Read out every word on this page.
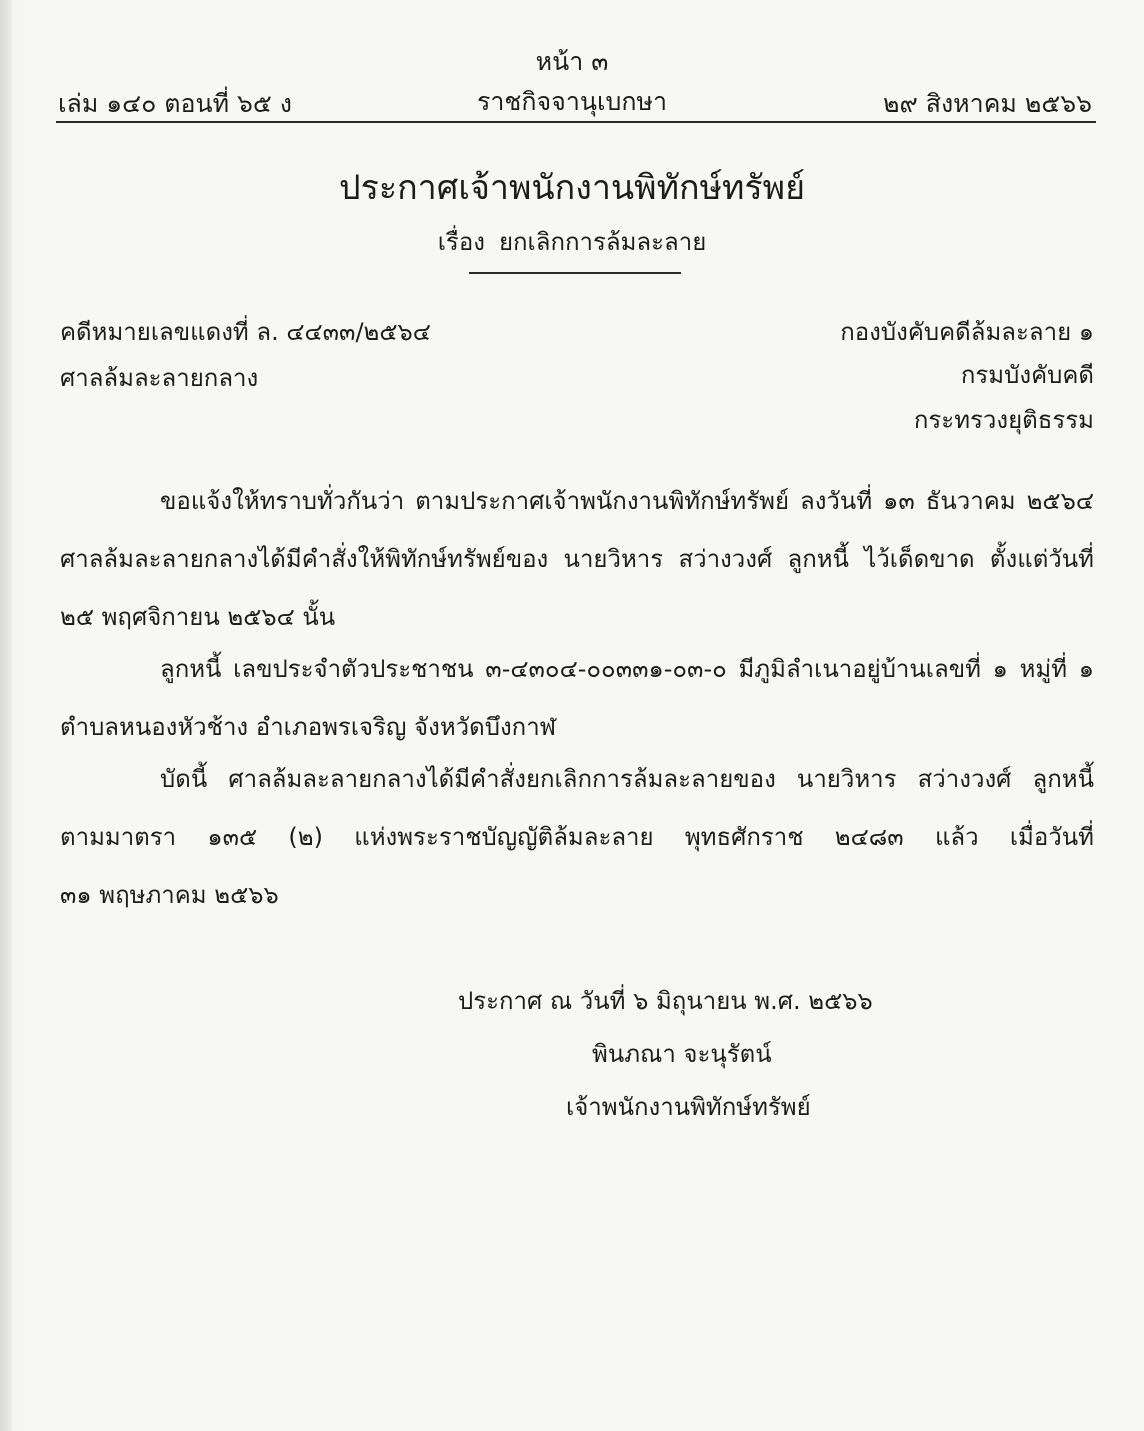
หน้า ๓
เล่ม ๑๔๐ ตอนที่ ๖๕ ง	ราชกิจจานุเบกษา	๒๙ สิงหาคม ๒๕๖๖
ประกาศเจ้าพนักงานพิทักษ์ทรัพย์
เรื่อง ยกเลิกการล้มละลาย
คดีหมายเลขแดงที่ ล. ๔๔๓๓/๒๕๖๔
ศาลล้มละลายกลาง
กองบังคับคดีล้มละลาย ๑
กรมบังคับคดี
กระทรวงยุติธรรม
ขอแจ้งให้ทราบทั่วกันว่า ตามประกาศเจ้าพนักงานพิทักษ์ทรัพย์ ลงวันที่ ๑๓ ธันวาคม ๒๕๖๔
ศาลล้มละลายกลางได้มีคำสั่งให้พิทักษ์ทรัพย์ของ นายวิหาร สว่างวงศ์ ลูกหนี้ ไว้เด็ดขาด ตั้งแต่วันที่
๒๕ พฤศจิกายน ๒๕๖๔ นั้น
ลูกหนี้ เลขประจำตัวประชาชน ๓-๔๓๐๔-๐๐๓๓๑-๐๓-๐ มีภูมิลำเนาอยู่บ้านเลขที่ ๑ หมู่ที่ ๑
ตำบลหนองหัวช้าง อำเภอพรเจริญ จังหวัดบึงกาฬ
บัดนี้ ศาลล้มละลายกลางได้มีคำสั่งยกเลิกการล้มละลายของ นายวิหาร สว่างวงศ์ ลูกหนี้
ตามมาตรา ๑๓๕ (๒) แห่งพระราชบัญญัติล้มละลาย พุทธศักราช ๒๔๘๓ แล้ว เมื่อวันที่
๓๑ พฤษภาคม ๒๕๖๖
ประกาศ ณ วันที่ ๖ มิถุนายน พ.ศ. ๒๕๖๖
พินภณา จะนุรัตน์
เจ้าพนักงานพิทักษ์ทรัพย์
